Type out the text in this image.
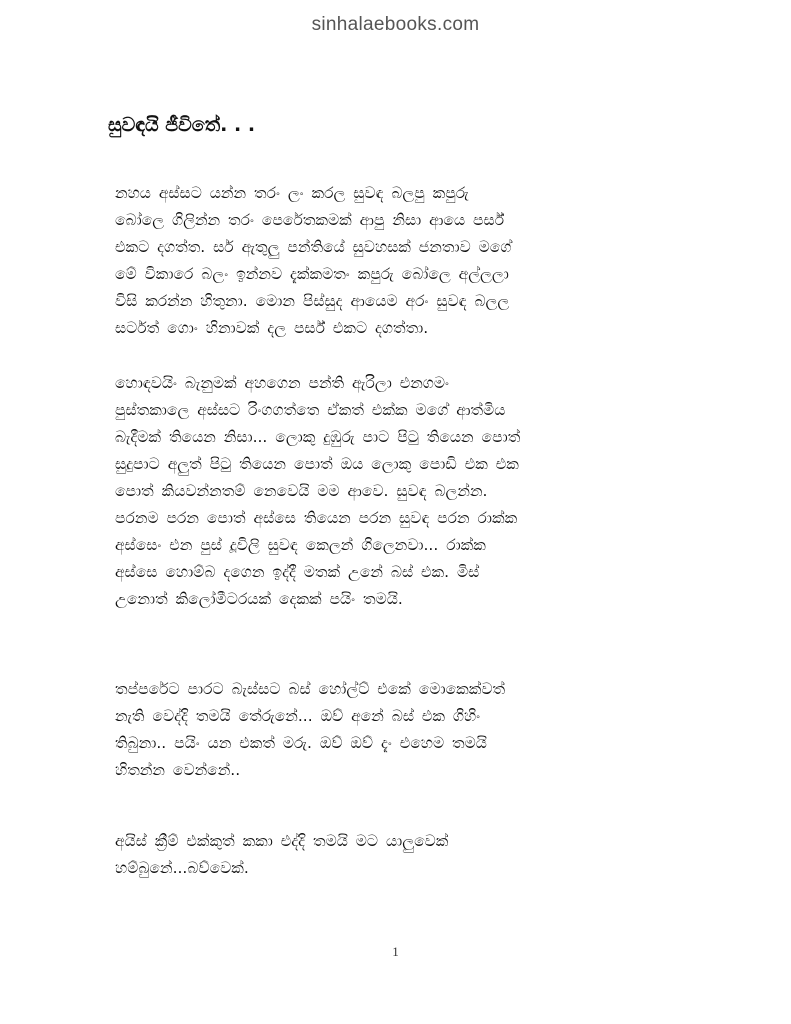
sinhalaebooks.com
සුවඳයි ජීවිතේ. . .

නහය අස්සට යන්න තරං ලං කරල සුවඳ බලපු කපුරු
බෝලෙ ගිලින්න තරං පෙරේතකමක් ආපු නිසා ආයෙ පර්ස්
එකට දගත්ත. සර් ඇතුලු පන්තියේ සුවහසක් ජනතාව මගේ
මේ විකාරෙ බලං ඉන්නව දැක්කමතං කපුරු බෝලෙ අල්ලලා
විසි කරන්න හිතුනා. මොන පිස්සුද ආයෙම අරං සුවඳ බලල
සර්ටත් ගොං හිනාවක් දල පර්ස් එකට දගත්තා.

හොඳවයිං බැනුමක් අහගෙන පන්ති ඇරිලා එනගමං
පුස්තකාලෙ අස්සට රිංගගත්තෙ ඒකත් එක්ක මගේ ආත්මිය
බැදීමක් තියෙන නිසා... ලොකු දුඹුරු පාට පිටු තියෙන පොත්
සුදුපාට අලුත් පිටු තියෙන පොත් ඔය ලොකු පොඩි එක එක
පොත් කියවන්නතම් නෙවෙයි මම ආවෙ. සුවඳ බලන්න.
පරනම පරන පොත් අස්සෙ තියෙන පරන සුවඳ පරන රාක්ක
අස්සෙං එන පුස් දූවිලි සුවඳ කෙලන් ගිලෙනවා... රාක්ක
අස්සෙ හොම්බ දගෙන ඉද්දී මතක් උනේ බස් එක. මිස්
උනොත් කිලෝමීටරයක් දෙකක් පයිං තමයි.

තප්පරේට පාරට බැස්සට බස් හෝල්ට් එකේ මොකෙක්වත්
නැති වෙද්දි තමයි තේරුනේ... ඔව් අනේ බස් එක ගිහිං
තිබුනා.. පයිං යන එකත් මරු. ඔව් ඔව් දැං එහෙම තමයි
හිතන්න වෙන්නේ..

අයිස් ක්‍රීම් එක්කුත් කකා එද්දි තමයි මට යාලුවෙක්
හම්බුනේ...බව්වෙක්.

1
